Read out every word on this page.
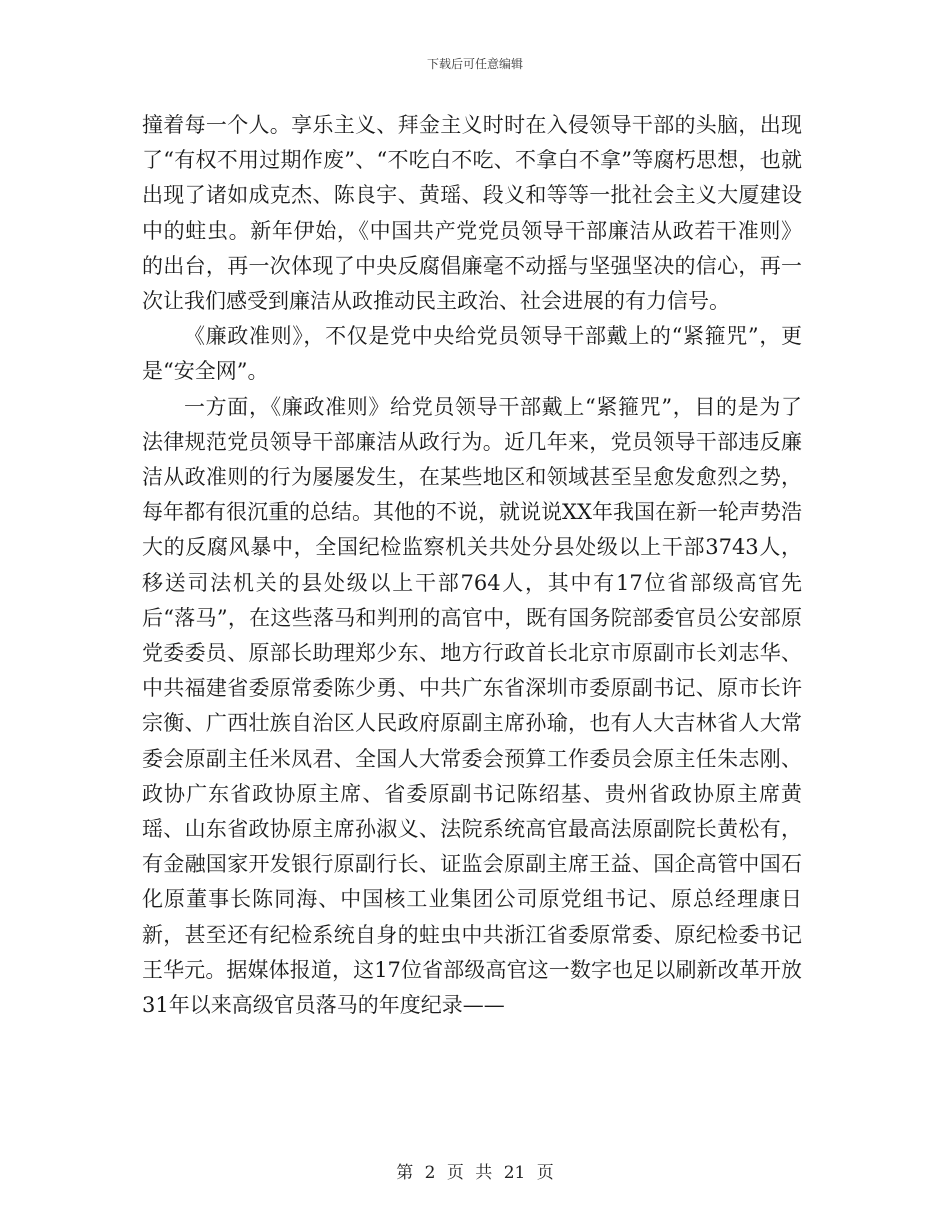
下载后可任意编辑

撞着每一个人。享乐主义、拜金主义时时在入侵领导干部的头脑，出现了“有权不用过期作废”、“不吃白不吃、不拿白不拿”等腐朽思想，也就出现了诸如成克杰、陈良宇、黄瑶、段义和等等一批社会主义大厦建设中的蛀虫。新年伊始，《中国共产党党员领导干部廉洁从政若干准则》的出台，再一次体现了中央反腐倡廉毫不动摇与坚强坚决的信心，再一次让我们感受到廉洁从政推动民主政治、社会进展的有力信号。

《廉政准则》，不仅是党中央给党员领导干部戴上的“紧箍咒”，更是“安全网”。

一方面，《廉政准则》给党员领导干部戴上“紧箍咒”，目的是为了法律规范党员领导干部廉洁从政行为。近几年来，党员领导干部违反廉洁从政准则的行为屡屡发生，在某些地区和领域甚至呈愈发愈烈之势，每年都有很沉重的总结。其他的不说，就说说XX年我国在新一轮声势浩大的反腐风暴中，全国纪检监察机关共处分县处级以上干部3743人，移送司法机关的县处级以上干部764人，其中有17位省部级高官先后“落马”，在这些落马和判刑的高官中，既有国务院部委官员公安部原党委委员、原部长助理郑少东、地方行政首长北京市原副市长刘志华、中共福建省委原常委陈少勇、中共广东省深圳市委原副书记、原市长许宗衡、广西壮族自治区人民政府原副主席孙瑜，也有人大吉林省人大常委会原副主任米凤君、全国人大常委会预算工作委员会原主任朱志刚、政协广东省政协原主席、省委原副书记陈绍基、贵州省政协原主席黄瑶、山东省政协原主席孙淑义、法院系统高官最高法原副院长黄松有，有金融国家开发银行原副行长、证监会原副主席王益、国企高管中国石化原董事长陈同海、中国核工业集团公司原党组书记、原总经理康日新，甚至还有纪检系统自身的蛀虫中共浙江省委原常委、原纪检委书记王华元。据媒体报道，这17位省部级高官这一数字也足以刷新改革开放31年以来高级官员落马的年度纪录——

第 2 页 共 21 页
